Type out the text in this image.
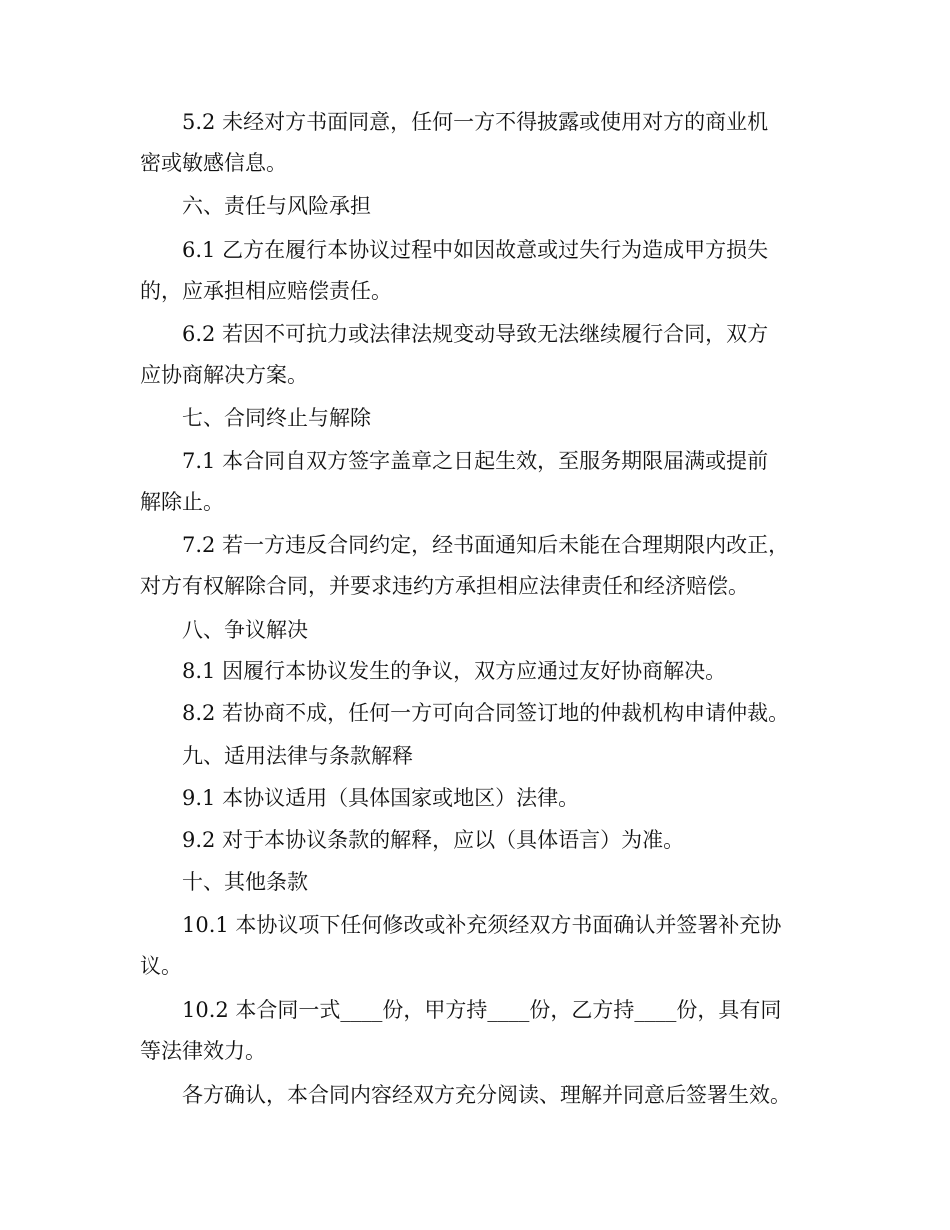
5.2 未经对方书面同意，任何一方不得披露或使用对方的商业机
密或敏感信息。
六、责任与风险承担
6.1 乙方在履行本协议过程中如因故意或过失行为造成甲方损失
的，应承担相应赔偿责任。
6.2 若因不可抗力或法律法规变动导致无法继续履行合同，双方
应协商解决方案。
七、合同终止与解除
7.1 本合同自双方签字盖章之日起生效，至服务期限届满或提前
解除止。
7.2 若一方违反合同约定，经书面通知后未能在合理期限内改正，
对方有权解除合同，并要求违约方承担相应法律责任和经济赔偿。
八、争议解决
8.1 因履行本协议发生的争议，双方应通过友好协商解决。
8.2 若协商不成，任何一方可向合同签订地的仲裁机构申请仲裁。
九、适用法律与条款解释
9.1 本协议适用（具体国家或地区）法律。
9.2 对于本协议条款的解释，应以（具体语言）为准。
十、其他条款
10.1 本协议项下任何修改或补充须经双方书面确认并签署补充协
议。
10.2 本合同一式____份，甲方持____份，乙方持____份，具有同
等法律效力。
各方确认，本合同内容经双方充分阅读、理解并同意后签署生效。
